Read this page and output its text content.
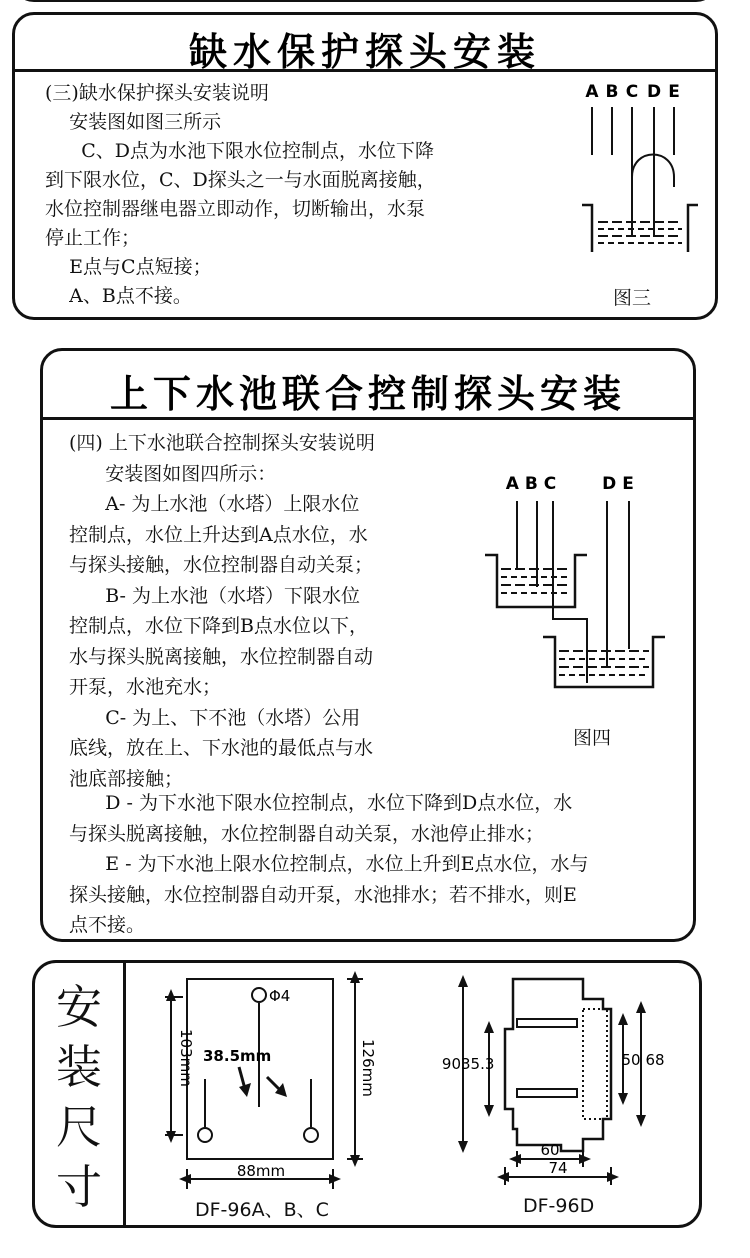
缺水保护探头安装
(三)缺水保护探头安装说明
安装图如图三所示
C、D点为水池下限水位控制点，水位下降
到下限水位，C、D探头之一与水面脱离接触，
水位控制器继电器立即动作，切断输出，水泵
停止工作；
E点与C点短接；
A、B点不接。
A B C D E
图三
上下水池联合控制探头安装
(四) 上下水池联合控制探头安装说明
安装图如图四所示：
A- 为上水池（水塔）上限水位
控制点，水位上升达到A点水位，水
与探头接触，水位控制器自动关泵；
B- 为上水池（水塔）下限水位
控制点，水位下降到B点水位以下，
水与探头脱离接触，水位控制器自动
开泵，水池充水；
C- 为上、下不池（水塔）公用
底线，放在上、下水池的最低点与水
池底部接触；
D - 为下水池下限水位控制点，水位下降到D点水位，水
与探头脱离接触，水位控制器自动关泵，水池停止排水；
E - 为下水池上限水位控制点，水位上升到E点水位，水与
探头接触，水位控制器自动开泵，水池排水；若不排水，则E
点不接。
A B C	D E
图四
安
装
尺
寸
Φ4
103mm	126mm
38.5mm
88mm
DF-96A、B、C
90 35.3	50 68
60
74
DF-96D
